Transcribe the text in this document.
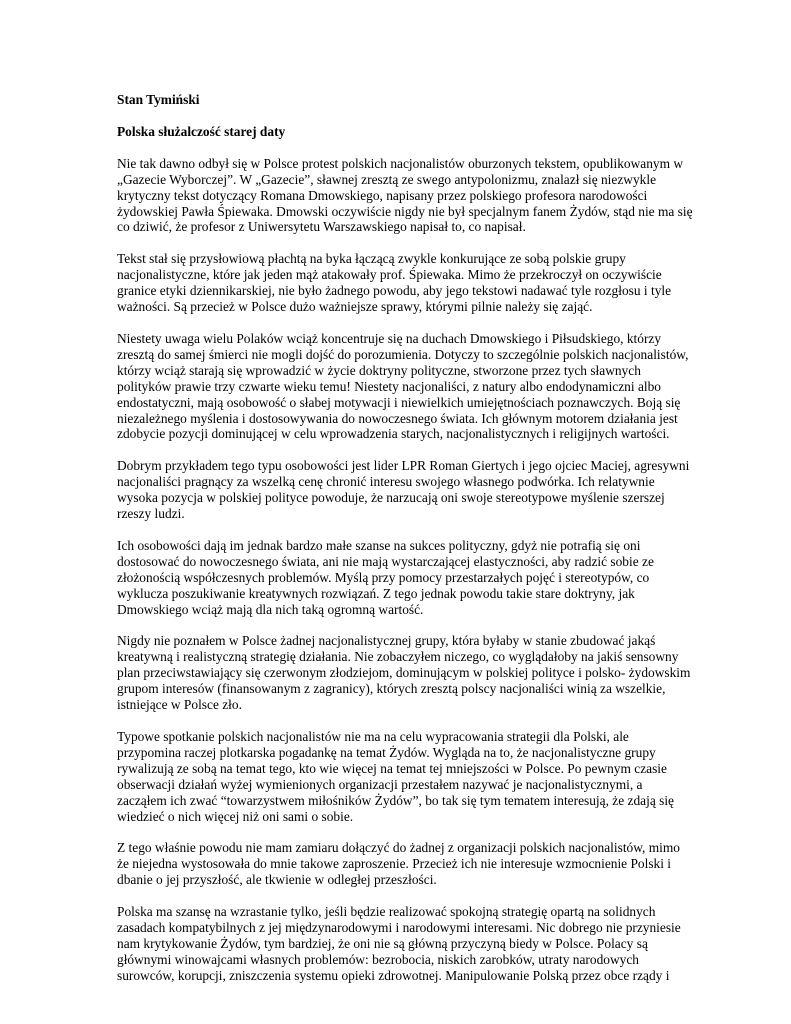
Stan Tymiński

Polska służalczość starej daty

Nie tak dawno odbył się w Polsce protest polskich nacjonalistów oburzonych tekstem, opublikowanym w
„Gazecie Wyborczej”. W „Gazecie”, sławnej zresztą ze swego antypolonizmu, znalazł się niezwykle
krytyczny tekst dotyczący Romana Dmowskiego, napisany przez polskiego profesora narodowości
żydowskiej Pawła Śpiewaka. Dmowski oczywiście nigdy nie był specjalnym fanem Żydów, stąd nie ma się
co dziwić, że profesor z Uniwersytetu Warszawskiego napisał to, co napisał.

Tekst stał się przysłowiową płachtą na byka łączącą zwykle konkurujące ze sobą polskie grupy
nacjonalistyczne, które jak jeden mąż atakowały prof. Śpiewaka. Mimo że przekroczył on oczywiście
granice etyki dziennikarskiej, nie było żadnego powodu, aby jego tekstowi nadawać tyle rozgłosu i tyle
ważności. Są przecież w Polsce dużo ważniejsze sprawy, którymi pilnie należy się zająć.

Niestety uwaga wielu Polaków wciąż koncentruje się na duchach Dmowskiego i Piłsudskiego, którzy
zresztą do samej śmierci nie mogli dojść do porozumienia. Dotyczy to szczególnie polskich nacjonalistów,
którzy wciąż starają się wprowadzić w życie doktryny polityczne, stworzone przez tych sławnych
polityków prawie trzy czwarte wieku temu! Niestety nacjonaliści, z natury albo endodynamiczni albo
endostatyczni, mają osobowość o słabej motywacji i niewielkich umiejętnościach poznawczych. Boją się
niezależnego myślenia i dostosowywania do nowoczesnego świata. Ich głównym motorem działania jest
zdobycie pozycji dominującej w celu wprowadzenia starych, nacjonalistycznych i religijnych wartości.

Dobrym przykładem tego typu osobowości jest lider LPR Roman Giertych i jego ojciec Maciej, agresywni
nacjonaliści pragnący za wszelką cenę chronić interesu swojego własnego podwórka. Ich relatywnie
wysoka pozycja w polskiej polityce powoduje, że narzucają oni swoje stereotypowe myślenie szerszej
rzeszy ludzi.

Ich osobowości dają im jednak bardzo małe szanse na sukces polityczny, gdyż nie potrafią się oni
dostosować do nowoczesnego świata, ani nie mają wystarczającej elastyczności, aby radzić sobie ze
złożonością współczesnych problemów. Myślą przy pomocy przestarzałych pojęć i stereotypów, co
wyklucza poszukiwanie kreatywnych rozwiązań. Z tego jednak powodu takie stare doktryny, jak
Dmowskiego wciąż mają dla nich taką ogromną wartość.

Nigdy nie poznałem w Polsce żadnej nacjonalistycznej grupy, która byłaby w stanie zbudować jakąś
kreatywną i realistyczną strategię działania. Nie zobaczyłem niczego, co wyglądałoby na jakiś sensowny
plan przeciwstawiający się czerwonym złodziejom, dominującym w polskiej polityce i polsko- żydowskim
grupom interesów (finansowanym z zagranicy), których zresztą polscy nacjonaliści winią za wszelkie,
istniejące w Polsce zło.

Typowe spotkanie polskich nacjonalistów nie ma na celu wypracowania strategii dla Polski, ale
przypomina raczej plotkarska pogadankę na temat Żydów. Wygląda na to, że nacjonalistyczne grupy
rywalizują ze sobą na temat tego, kto wie więcej na temat tej mniejszości w Polsce. Po pewnym czasie
obserwacji działań wyżej wymienionych organizacji przestałem nazywać je nacjonalistycznymi, a
zacząłem ich zwać “towarzystwem miłośników Żydów”, bo tak się tym tematem interesują, że zdają się
wiedzieć o nich więcej niż oni sami o sobie.

Z tego właśnie powodu nie mam zamiaru dołączyć do żadnej z organizacji polskich nacjonalistów, mimo
że niejedna wystosowała do mnie takowe zaproszenie. Przecież ich nie interesuje wzmocnienie Polski i
dbanie o jej przyszłość, ale tkwienie w odległej przeszłości.

Polska ma szansę na wzrastanie tylko, jeśli będzie realizować spokojną strategię opartą na solidnych
zasadach kompatybilnych z jej międzynarodowymi i narodowymi interesami. Nic dobrego nie przyniesie
nam krytykowanie Żydów, tym bardziej, że oni nie są główną przyczyną biedy w Polsce. Polacy są
głównymi winowajcami własnych problemów: bezrobocia, niskich zarobków, utraty narodowych
surowców, korupcji, zniszczenia systemu opieki zdrowotnej. Manipulowanie Polską przez obce rządy i
